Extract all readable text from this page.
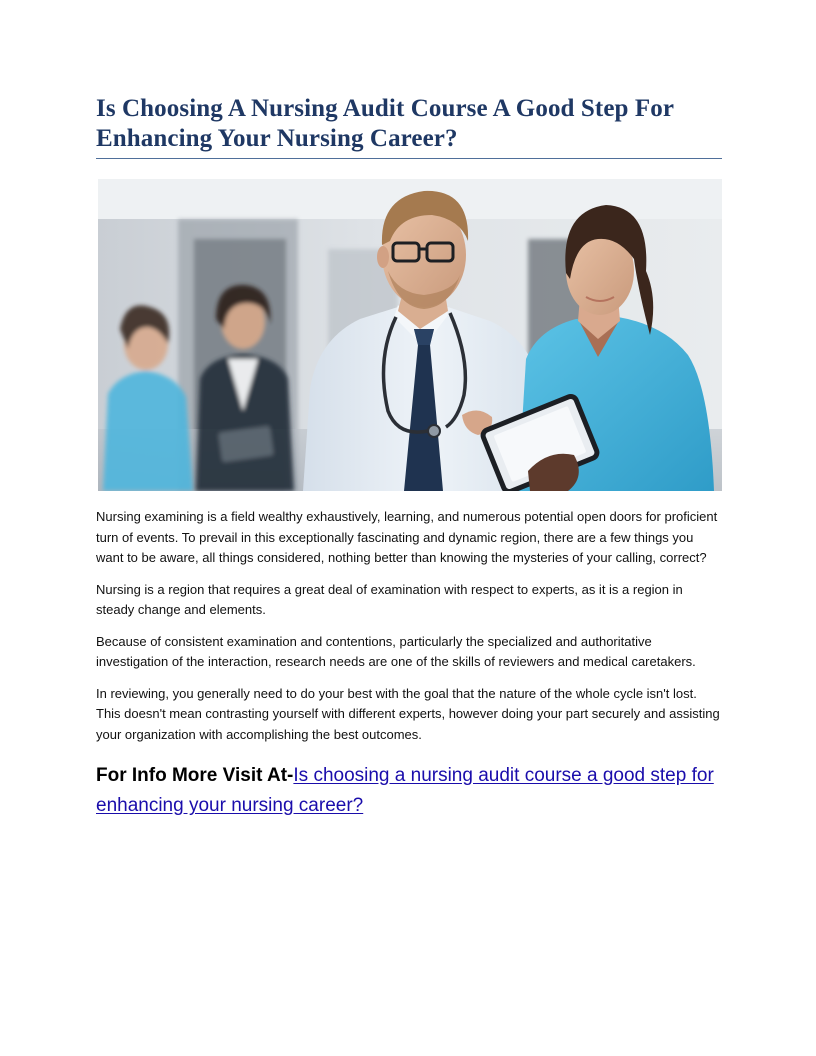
Is Choosing A Nursing Audit Course A Good Step For Enhancing Your Nursing Career?

Nursing examining is a field wealthy exhaustively, learning, and numerous potential open doors for proficient turn of events. To prevail in this exceptionally fascinating and dynamic region, there are a few things you want to be aware, all things considered, nothing better than knowing the mysteries of your calling, correct?

Nursing is a region that requires a great deal of examination with respect to experts, as it is a region in steady change and elements.

Because of consistent examination and contentions, particularly the specialized and authoritative investigation of the interaction, research needs are one of the skills of reviewers and medical caretakers.

In reviewing, you generally need to do your best with the goal that the nature of the whole cycle isn't lost. This doesn't mean contrasting yourself with different experts, however doing your part securely and assisting your organization with accomplishing the best outcomes.

For Info More Visit At-Is choosing a nursing audit course a good step for enhancing your nursing career?
